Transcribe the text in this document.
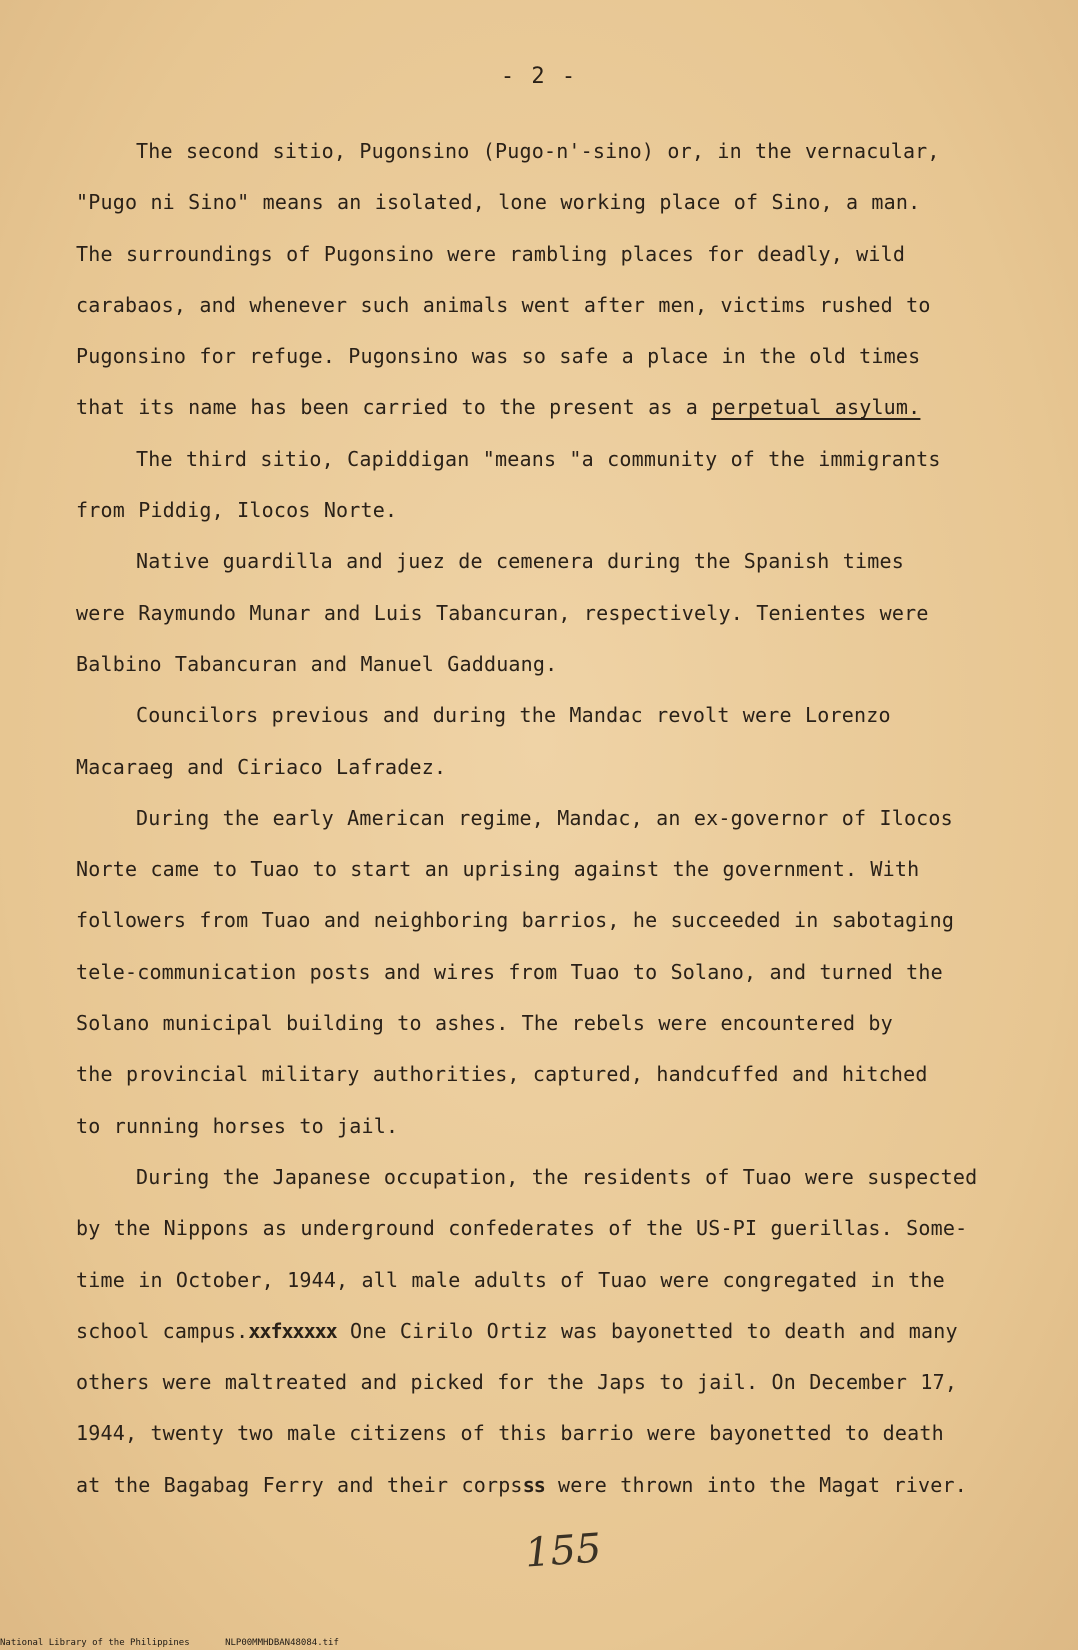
- 2 -
The second sitio, Pugonsino (Pugo-n'-sino) or, in the vernacular,
"Pugo ni Sino" means an isolated, lone working place of Sino, a man.
The surroundings of Pugonsino were rambling places for deadly, wild
carabaos, and whenever such animals went after men, victims rushed to
Pugonsino for refuge. Pugonsino was so safe a place in the old times
that its name has been carried to the present as a perpetual asylum.
The third sitio, Capiddigan "means "a community of the immigrants
from Piddig, Ilocos Norte.
Native guardilla and juez de cemenera during the Spanish times
were Raymundo Munar and Luis Tabancuran, respectively. Tenientes were
Balbino Tabancuran and Manuel Gadduang.
Councilors previous and during the Mandac revolt were Lorenzo
Macaraeg and Ciriaco Lafradez.
During the early American regime, Mandac, an ex-governor of Ilocos
Norte came to Tuao to start an uprising against the government. With
followers from Tuao and neighboring barrios, he succeeded in sabotaging
tele-communication posts and wires from Tuao to Solano, and turned the
Solano municipal building to ashes. The rebels were encountered by
the provincial military authorities, captured, handcuffed and hitched
to running horses to jail.
During the Japanese occupation, the residents of Tuao were suspected
by the Nippons as underground confederates of the US-PI guerillas. Some-
time in October, 1944, all male adults of Tuao were congregated in the
school campus.xxfxxxxx One Cirilo Ortiz was bayonetted to death and many
others were maltreated and picked for the Japs to jail. On December 17,
1944, twenty two male citizens of this barrio were bayonetted to death
at the Bagabag Ferry and their corpsss were thrown into the Magat river.
155
National Library of the Philippines	NLP00MMHDBAN48084.tif
